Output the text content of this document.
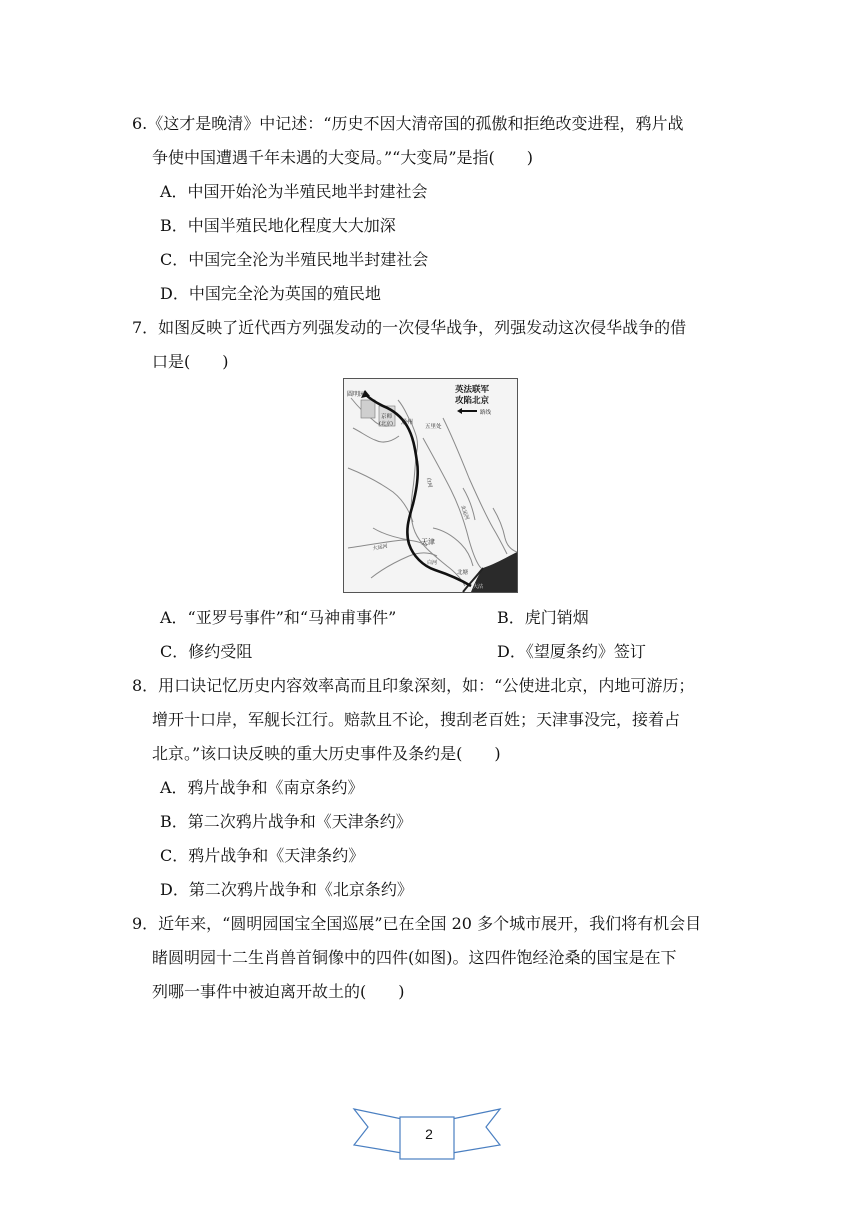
6.《这才是晚清》中记述：“历史不因大清帝国的孤傲和拒绝改变进程，鸦片战
争使中国遭遇千年未遇的大变局。”“大变局”是指(　　)
A．中国开始沦为半殖民地半封建社会
B．中国半殖民地化程度大大加深
C．中国完全沦为半殖民地半封建社会
D．中国完全沦为英国的殖民地
7．如图反映了近代西方列强发动的一次侵华战争，列强发动这次侵华战争的借
口是(　　)
英法联军
攻陷北京
路线
圆明园
京师
(北京) 通州
五里处
白河
北运河
天津
大运河
白河
北塘
大沽
A．“亚罗号事件”和“马神甫事件”	B．虎门销烟
C．修约受阻	D．《望厦条约》签订
8．用口诀记忆历史内容效率高而且印象深刻，如：“公使进北京，内地可游历；
增开十口岸，军舰长江行。赔款且不论，搜刮老百姓；天津事没完，接着占
北京。”该口诀反映的重大历史事件及条约是(　　)
A．鸦片战争和《南京条约》
B．第二次鸦片战争和《天津条约》
C．鸦片战争和《天津条约》
D．第二次鸦片战争和《北京条约》
9．近年来，“圆明园国宝全国巡展”已在全国 20 多个城市展开，我们将有机会目
睹圆明园十二生肖兽首铜像中的四件(如图)。这四件饱经沧桑的国宝是在下
列哪一事件中被迫离开故土的(　　)
2
